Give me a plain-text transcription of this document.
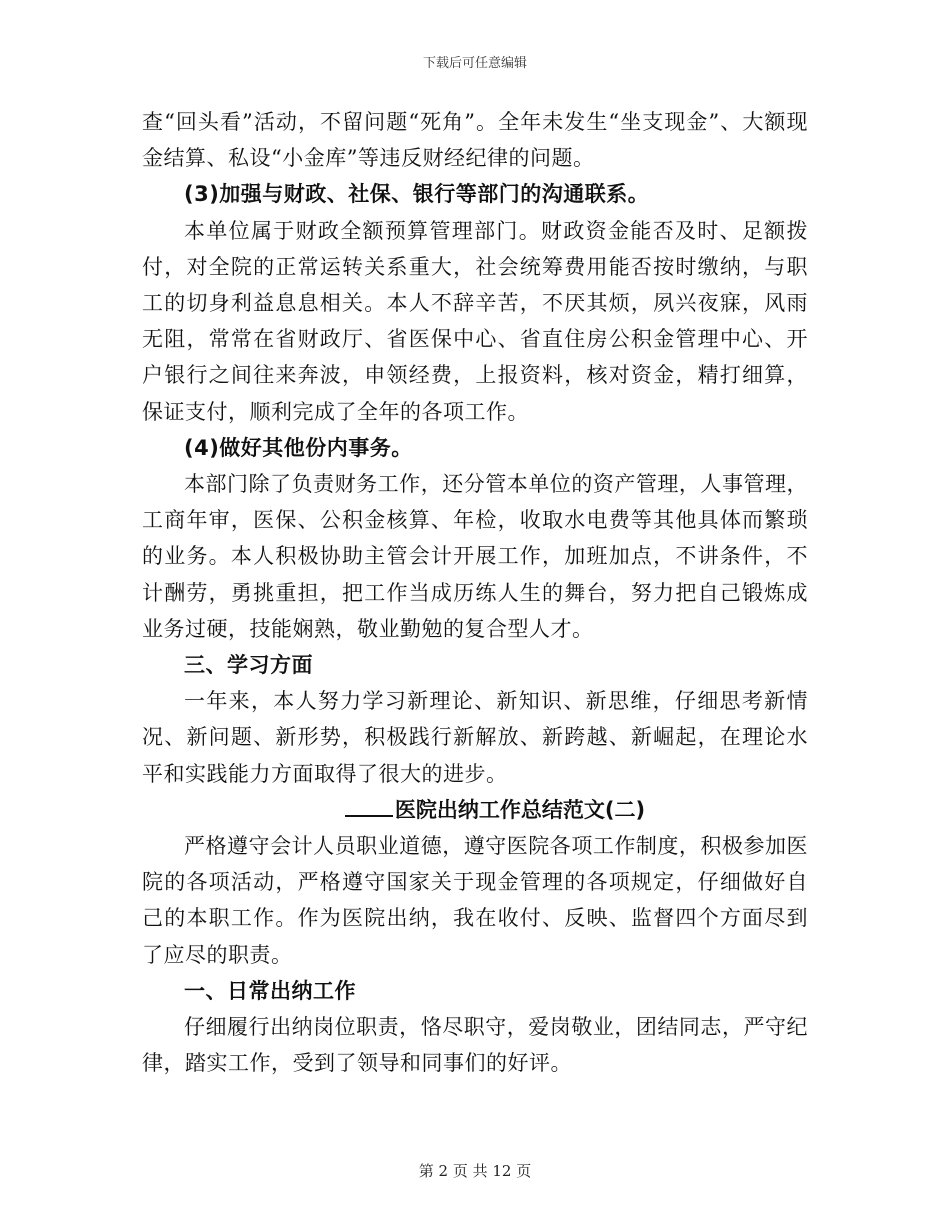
下载后可任意编辑

查“回头看”活动，不留问题“死角”。全年未发生“坐支现金”、大额现金结算、私设“小金库”等违反财经纪律的问题。

(3)加强与财政、社保、银行等部门的沟通联系。

本单位属于财政全额预算管理部门。财政资金能否及时、足额拨付，对全院的正常运转关系重大，社会统筹费用能否按时缴纳，与职工的切身利益息息相关。本人不辞辛苦，不厌其烦，夙兴夜寐，风雨无阻，常常在省财政厅、省医保中心、省直住房公积金管理中心、开户银行之间往来奔波，申领经费，上报资料，核对资金，精打细算，保证支付，顺利完成了全年的各项工作。

(4)做好其他份内事务。

本部门除了负责财务工作，还分管本单位的资产管理，人事管理，工商年审，医保、公积金核算、年检，收取水电费等其他具体而繁琐的业务。本人积极协助主管会计开展工作，加班加点，不讲条件，不计酬劳，勇挑重担，把工作当成历练人生的舞台，努力把自己锻炼成业务过硬，技能娴熟，敬业勤勉的复合型人才。

三、学习方面

一年来，本人努力学习新理论、新知识、新思维，仔细思考新情况、新问题、新形势，积极践行新解放、新跨越、新崛起，在理论水平和实践能力方面取得了很大的进步。

医院出纳工作总结范文(二)

严格遵守会计人员职业道德，遵守医院各项工作制度，积极参加医院的各项活动，严格遵守国家关于现金管理的各项规定，仔细做好自己的本职工作。作为医院出纳，我在收付、反映、监督四个方面尽到了应尽的职责。

一、日常出纳工作

仔细履行出纳岗位职责，恪尽职守，爱岗敬业，团结同志，严守纪律，踏实工作，受到了领导和同事们的好评。

第 2 页 共 12 页
